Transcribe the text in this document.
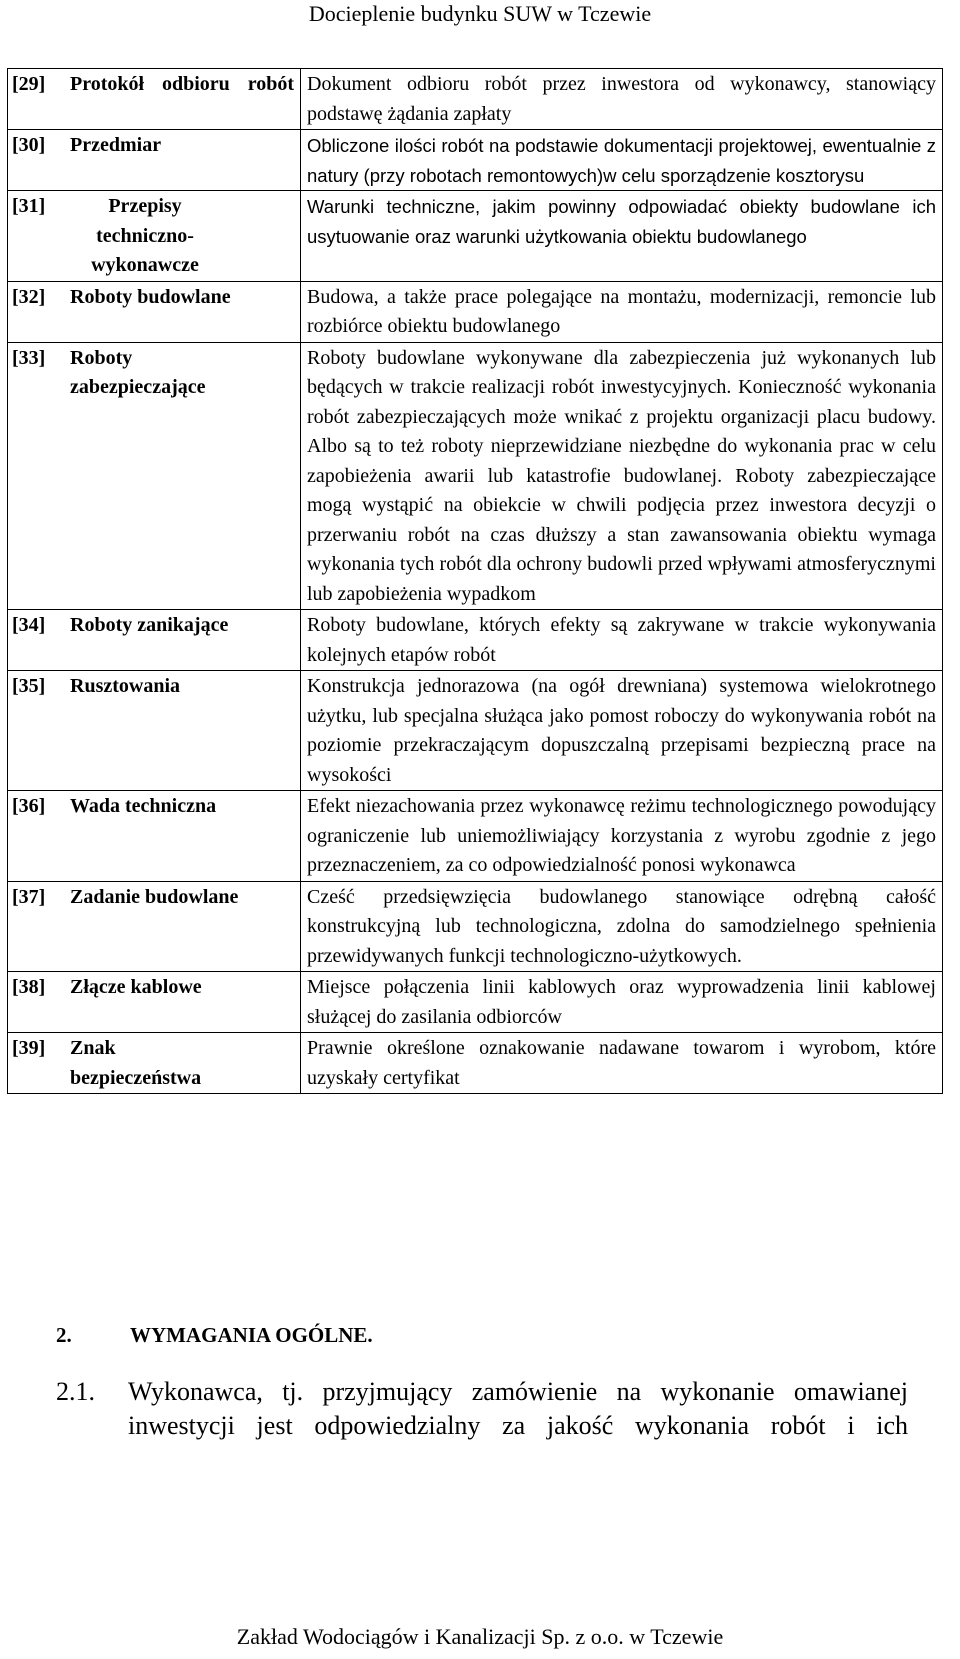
Docieplenie budynku SUW w Tczewie
[29] Protokół odbioru robót	Dokument odbioru robót przez inwestora od wykonawcy, stanowiący podstawę żądania zapłaty

[30] Przedmiar	Obliczone ilości robót na podstawie dokumentacji projektowej, ewentualnie z natury (przy robotach remontowych)w celu sporządzenie kosztorysu

[31] Przepisy techniczno-wykonawcze	Warunki techniczne, jakim powinny odpowiadać obiekty budowlane ich usytuowanie oraz warunki użytkowania obiektu budowlanego

[32] Roboty budowlane	Budowa, a także prace polegające na montażu, modernizacji, remoncie lub rozbiórce obiektu budowlanego

[33] Roboty zabezpieczające	Roboty budowlane wykonywane dla zabezpieczenia już wykonanych lub będących w trakcie realizacji robót inwestycyjnych. Konieczność wykonania robót zabezpieczających może wnikać z projektu organizacji placu budowy. Albo są to też roboty nieprzewidziane niezbędne do wykonania prac w celu zapobieżenia awarii lub katastrofie budowlanej. Roboty zabezpieczające mogą wystąpić na obiekcie w chwili podjęcia przez inwestora decyzji o przerwaniu robót na czas dłuższy a stan zawansowania obiektu wymaga wykonania tych robót dla ochrony budowli przed wpływami atmosferycznymi lub zapobieżenia wypadkom

[34] Roboty zanikające	Roboty budowlane, których efekty są zakrywane w trakcie wykonywania kolejnych etapów robót

[35] Rusztowania	Konstrukcja jednorazowa (na ogół drewniana) systemowa wielokrotnego użytku, lub specjalna służąca jako pomost roboczy do wykonywania robót na poziomie przekraczającym dopuszczalną przepisami bezpieczną prace na wysokości

[36] Wada techniczna	Efekt niezachowania przez wykonawcę reżimu technologicznego powodujący ograniczenie lub uniemożliwiający korzystania z wyrobu zgodnie z jego przeznaczeniem, za co odpowiedzialność ponosi wykonawca

[37] Zadanie budowlane	Cześć przedsięwzięcia budowlanego stanowiące odrębną całość konstrukcyjną lub technologiczna, zdolna do samodzielnego spełnienia przewidywanych funkcji technologiczno-użytkowych.

[38] Złącze kablowe	Miejsce połączenia linii kablowych oraz wyprowadzenia linii kablowej służącej do zasilania odbiorców

[39] Znak bezpieczeństwa	Prawnie określone oznakowanie nadawane towarom i wyrobom, które uzyskały certyfikat
2.	WYMAGANIA OGÓLNE.
2.1.	Wykonawca, tj. przyjmujący zamówienie na wykonanie omawianej inwestycji jest odpowiedzialny za jakość wykonania robót i ich
Zakład Wodociągów i Kanalizacji Sp. z o.o. w Tczewie
